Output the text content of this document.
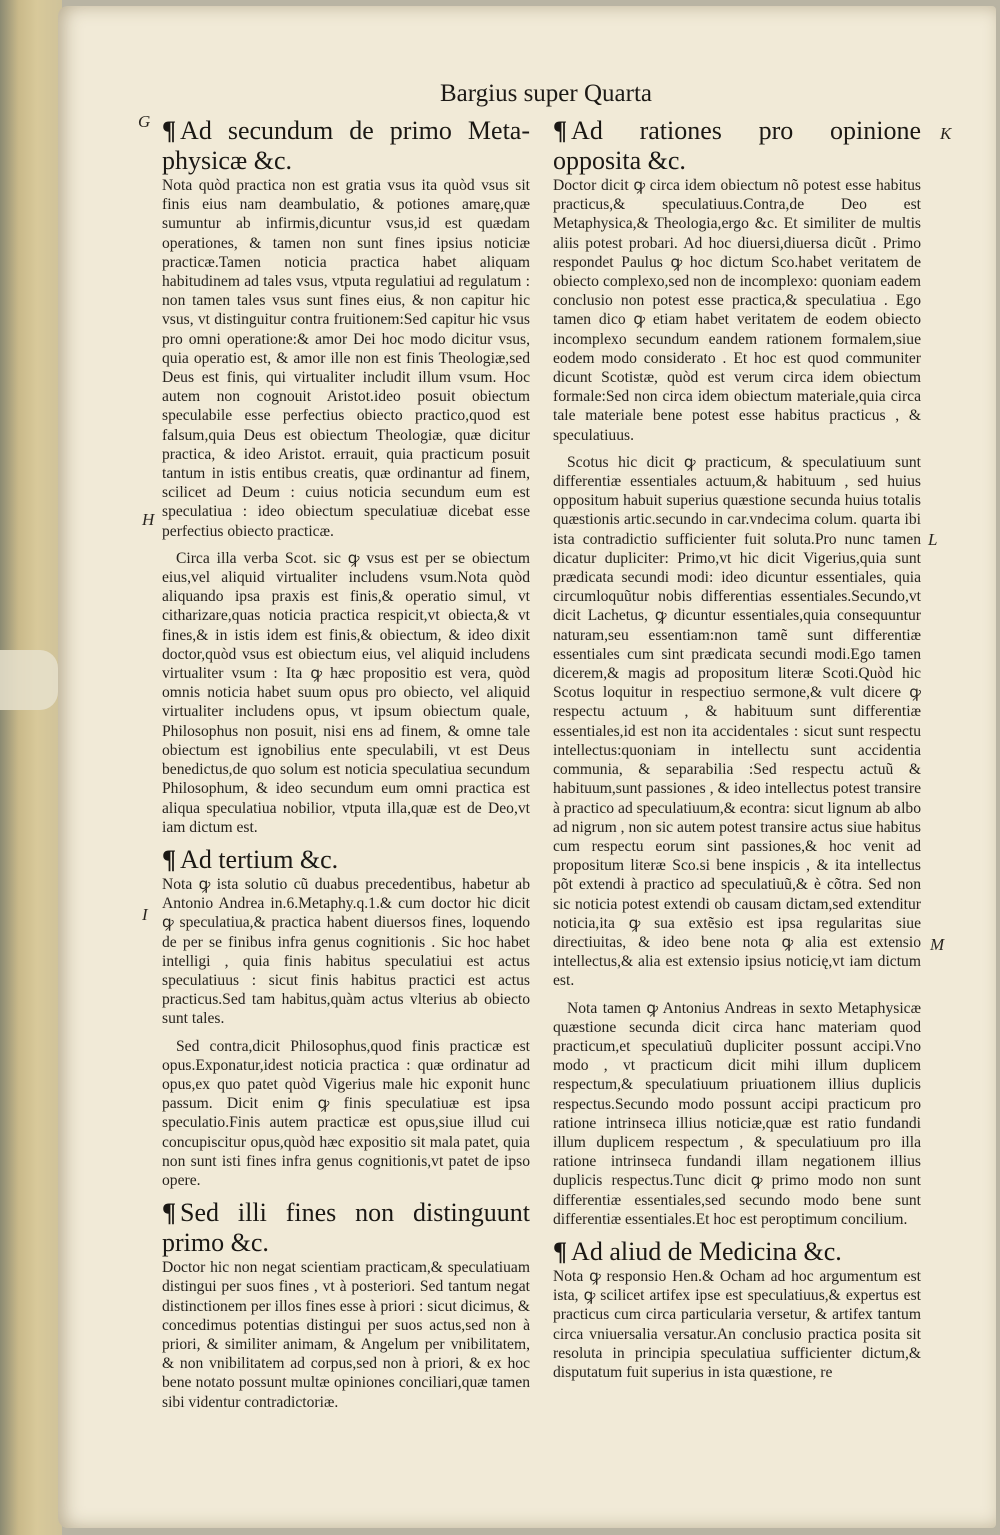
Bargius super Quarta
G
H
I
K
L
M
¶ Ad secundum de primo Meta-physicæ &c.

Nota quòd practica non est gratia vsus ita quòd vsus sit finis eius nam deambulatio, & potiones amarę,quæ sumuntur ab infirmis,dicuntur vsus,id est quædam operationes, & tamen non sunt fines ipsius noticiæ practicæ.Tamen noticia practica habet aliquam habitudinem ad tales vsus, vtputa regulatiui ad regulatum : non tamen tales vsus sunt fines eius, & non capitur hic vsus, vt distinguitur contra fruitionem:Sed capitur hic vsus pro omni operatione:& amor Dei hoc modo dicitur vsus, quia operatio est, & amor ille non est finis Theologiæ,sed Deus est finis, qui virtualiter includit illum vsum. Hoc autem non cognouit Aristot.ideo posuit obiectum speculabile esse perfectius obiecto practico,quod est falsum,quia Deus est obiectum Theologiæ, quæ dicitur practica, & ideo Aristot. errauit, quia practicum posuit tantum in istis entibus creatis, quæ ordinantur ad finem, scilicet ad Deum : cuius noticia secundum eum est speculatiua : ideo obiectum speculatiuæ dicebat esse perfectius obiecto practicæ.

Circa illa verba Scot. sic ꝙ vsus est per se obiectum eius,vel aliquid virtualiter includens vsum.Nota quòd aliquando ipsa praxis est finis,& operatio simul, vt citharizare,quas noticia practica respicit,vt obiecta,& vt fines,& in istis idem est finis,& obiectum, & ideo dixit doctor,quòd vsus est obiectum eius, vel aliquid includens virtualiter vsum : Ita ꝙ hæc propositio est vera, quòd omnis noticia habet suum opus pro obiecto, vel aliquid virtualiter includens opus, vt ipsum obiectum quale, Philosophus non posuit, nisi ens ad finem, & omne tale obiectum est ignobilius ente speculabili, vt est Deus benedictus,de quo solum est noticia speculatiua secundum Philosophum, & ideo secundum eum omni practica est aliqua speculatiua nobilior, vtputa illa,quæ est de Deo,vt iam dictum est.

¶ Ad tertium &c.

Nota ꝙ ista solutio cũ duabus precedentibus, habetur ab Antonio Andrea in.6.Metaphy.q.1.& cum doctor hic dicit ꝙ speculatiua,& practica habent diuersos fines, loquendo de per se finibus infra genus cognitionis . Sic hoc habet intelligi , quia finis habitus speculatiui est actus speculatiuus : sicut finis habitus practici est actus practicus.Sed tam habitus,quàm actus vlterius ab obiecto sunt tales.

Sed contra,dicit Philosophus,quod finis practicæ est opus.Exponatur,idest noticia practica : quæ ordinatur ad opus,ex quo patet quòd Vigerius male hic exponit hunc passum. Dicit enim ꝙ finis speculatiuæ est ipsa speculatio.Finis autem practicæ est opus,siue illud cui concupiscitur opus,quòd hæc expositio sit mala patet, quia non sunt isti fines infra genus cognitionis,vt patet de ipso opere.

¶ Sed illi fines non distinguunt primo &c.

Doctor hic non negat scientiam practicam,& speculatiuam distingui per suos fines , vt à posteriori. Sed tantum negat distinctionem per illos fines esse à priori : sicut dicimus, & concedimus potentias distingui per suos actus,sed non à priori, & similiter animam, & Angelum per vnibilitatem, & non vnibilitatem ad corpus,sed non à priori, & ex hoc bene notato possunt multæ opiniones conciliari,quæ tamen sibi videntur contradictoriæ.

¶ Ad rationes pro opinione opposita &c.

Doctor dicit ꝙ circa idem obiectum nõ potest esse habitus practicus,& speculatiuus.Contra,de Deo est Metaphysica,& Theologia,ergo &c. Et similiter de multis aliis potest probari. Ad hoc diuersi,diuersa dicũt . Primo respondet Paulus ꝙ hoc dictum Sco.habet veritatem de obiecto complexo,sed non de incomplexo: quoniam eadem conclusio non potest esse practica,& speculatiua . Ego tamen dico ꝙ etiam habet veritatem de eodem obiecto incomplexo secundum eandem rationem formalem,siue eodem modo considerato . Et hoc est quod communiter dicunt Scotistæ, quòd est verum circa idem obiectum formale:Sed non circa idem obiectum materiale,quia circa tale materiale bene potest esse habitus practicus , & speculatiuus.

Scotus hic dicit ꝙ practicum, & speculatiuum sunt differentiæ essentiales actuum,& habituum , sed huius oppositum habuit superius quæstione secunda huius totalis quæstionis artic.secundo in car.vndecima colum. quarta ibi ista contradictio sufficienter fuit soluta.Pro nunc tamen dicatur dupliciter: Primo,vt hic dicit Vigerius,quia sunt prædicata secundi modi: ideo dicuntur essentiales, quia circumloquũtur nobis differentias essentiales.Secundo,vt dicit Lachetus, ꝙ dicuntur essentiales,quia consequuntur naturam,seu essentiam:non tamẽ sunt differentiæ essentiales cum sint prædicata secundi modi.Ego tamen dicerem,& magis ad propositum literæ Scoti.Quòd hic Scotus loquitur in respectiuo sermone,& vult dicere ꝙ respectu actuum , & habituum sunt differentiæ essentiales,id est non ita accidentales : sicut sunt respectu intellectus:quoniam in intellectu sunt accidentia communia, & separabilia :Sed respectu actuũ & habituum,sunt passiones , & ideo intellectus potest transire à practico ad speculatiuum,& econtra: sicut lignum ab albo ad nigrum , non sic autem potest transire actus siue habitus cum respectu eorum sint passiones,& hoc venit ad propositum literæ Sco.si bene inspicis , & ita intellectus põt extendi à practico ad speculatiuũ,& è cõtra. Sed non sic noticia potest extendi ob causam dictam,sed extenditur noticia,ita ꝙ sua extẽsio est ipsa regularitas siue directiuitas, & ideo bene nota ꝙ alia est extensio intellectus,& alia est extensio ipsius noticię,vt iam dictum est.

Nota tamen ꝙ Antonius Andreas in sexto Metaphysicæ quæstione secunda dicit circa hanc materiam quod practicum,et speculatiuũ dupliciter possunt accipi.Vno modo , vt practicum dicit mihi illum duplicem respectum,& speculatiuum priuationem illius duplicis respectus.Secundo modo possunt accipi practicum pro ratione intrinseca illius noticiæ,quæ est ratio fundandi illum duplicem respectum , & speculatiuum pro illa ratione intrinseca fundandi illam negationem illius duplicis respectus.Tunc dicit ꝙ primo modo non sunt differentiæ essentiales,sed secundo modo bene sunt differentiæ essentiales.Et hoc est peroptimum concilium.

¶ Ad aliud de Medicina &c.

Nota ꝙ responsio Hen.& Ocham ad hoc argumentum est ista, ꝙ scilicet artifex ipse est speculatiuus,& expertus est practicus cum circa particularia versetur, & artifex tantum circa vniuersalia versatur.An conclusio practica posita sit resoluta in principia speculatiua sufficienter dictum,& disputatum fuit superius in ista quæstione, re
